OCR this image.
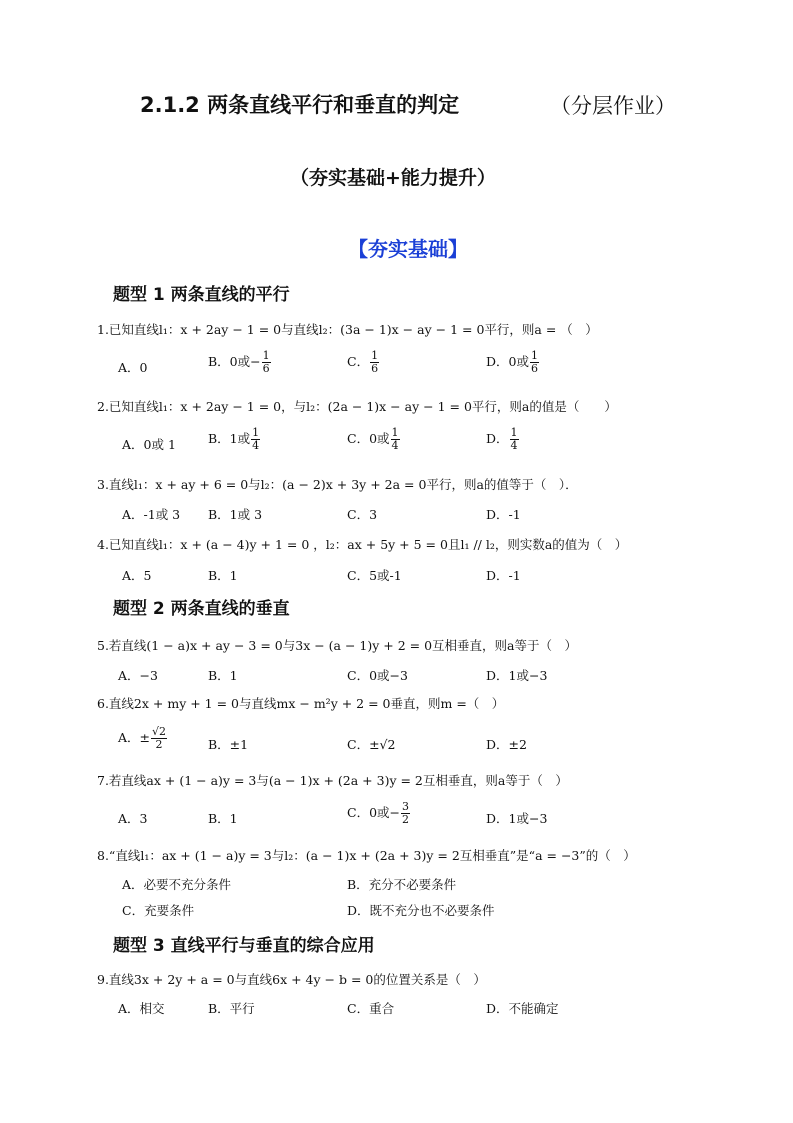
2.1.2 两条直线平行和垂直的判定	（分层作业）
（夯实基础+能力提升）
【夯实基础】
题型 1 两条直线的平行
1.已知直线l₁：x + 2ay − 1 = 0与直线l₂：(3a − 1)x − ay − 1 = 0平行，则a = （　）
A．0	B．0或− $\frac{1}{6}$	C． $\frac{1}{6}$	D．0或 $\frac{1}{6}$
2.已知直线l₁：x + 2ay − 1 = 0，与l₂：(2a − 1)x − ay − 1 = 0平行，则a的值是（　　）
A．0或 1	B．1或 $\frac{1}{4}$	C．0或 $\frac{1}{4}$	D． $\frac{1}{4}$
3.直线l₁：x + ay + 6 = 0与l₂：(a − 2)x + 3y + 2a = 0平行，则a的值等于（　）．
A．-1或 3 B．1或 3	C．3	D．-1
4.已知直线l₁：x + (a − 4)y + 1 = 0 ，l₂：ax + 5y + 5 = 0且l₁ // l₂，则实数a的值为（　）
A．5	B．1	C．5或-1	D．-1
题型 2 两条直线的垂直
5.若直线(1 − a)x + ay − 3 = 0与3x − (a − 1)y + 2 = 0互相垂直，则a等于（　）
A．−3	B．1	C．0或−3	D．1或−3
6.直线2x + my + 1 = 0与直线mx − m²y + 2 = 0垂直，则m =（　）
A．± $\frac{√2}{2}$	B．±1	C．±√2	D．±2
7.若直线ax + (1 − a)y = 3与(a − 1)x + (2a + 3)y = 2互相垂直，则a等于（　）
A．3	B．1	C．0或− $\frac{3}{2}$	D．1或−3
8.“直线l₁：ax + (1 − a)y = 3与l₂：(a − 1)x + (2a + 3)y = 2互相垂直”是“a = −3”的（　）
A．必要不充分条件	B．充分不必要条件
C．充要条件	D．既不充分也不必要条件
题型 3 直线平行与垂直的综合应用
9.直线3x + 2y + a = 0与直线6x + 4y − b = 0的位置关系是（　）
A．相交	B．平行	C．重合	D．不能确定
